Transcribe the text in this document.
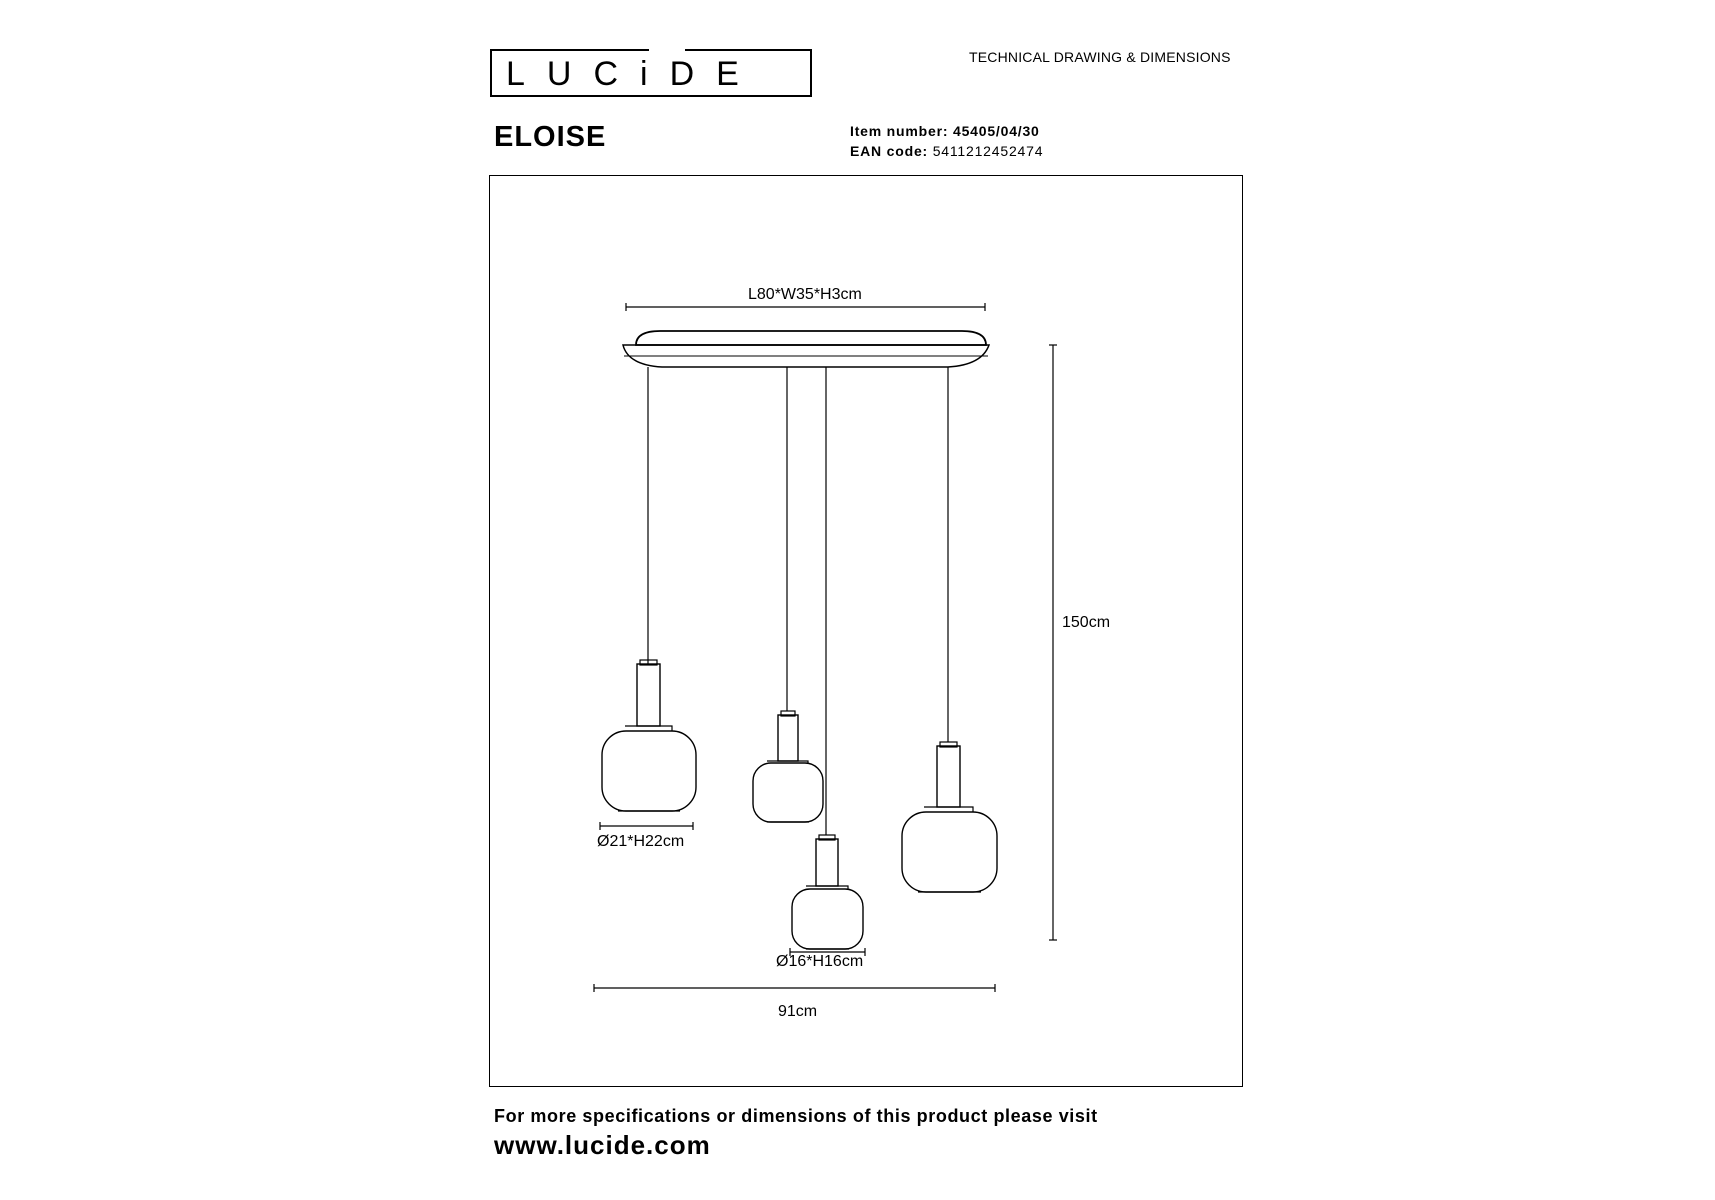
LUCiDE	TECHNICAL DRAWING & DIMENSIONS
ELOISE	Item number: 45405/04/30
EAN code: 5411212452474
L80*W35*H3cm
150cm
Ø21*H22cm
Ø16*H16cm
91cm
For more specifications or dimensions of this product please visit
www.lucide.com
